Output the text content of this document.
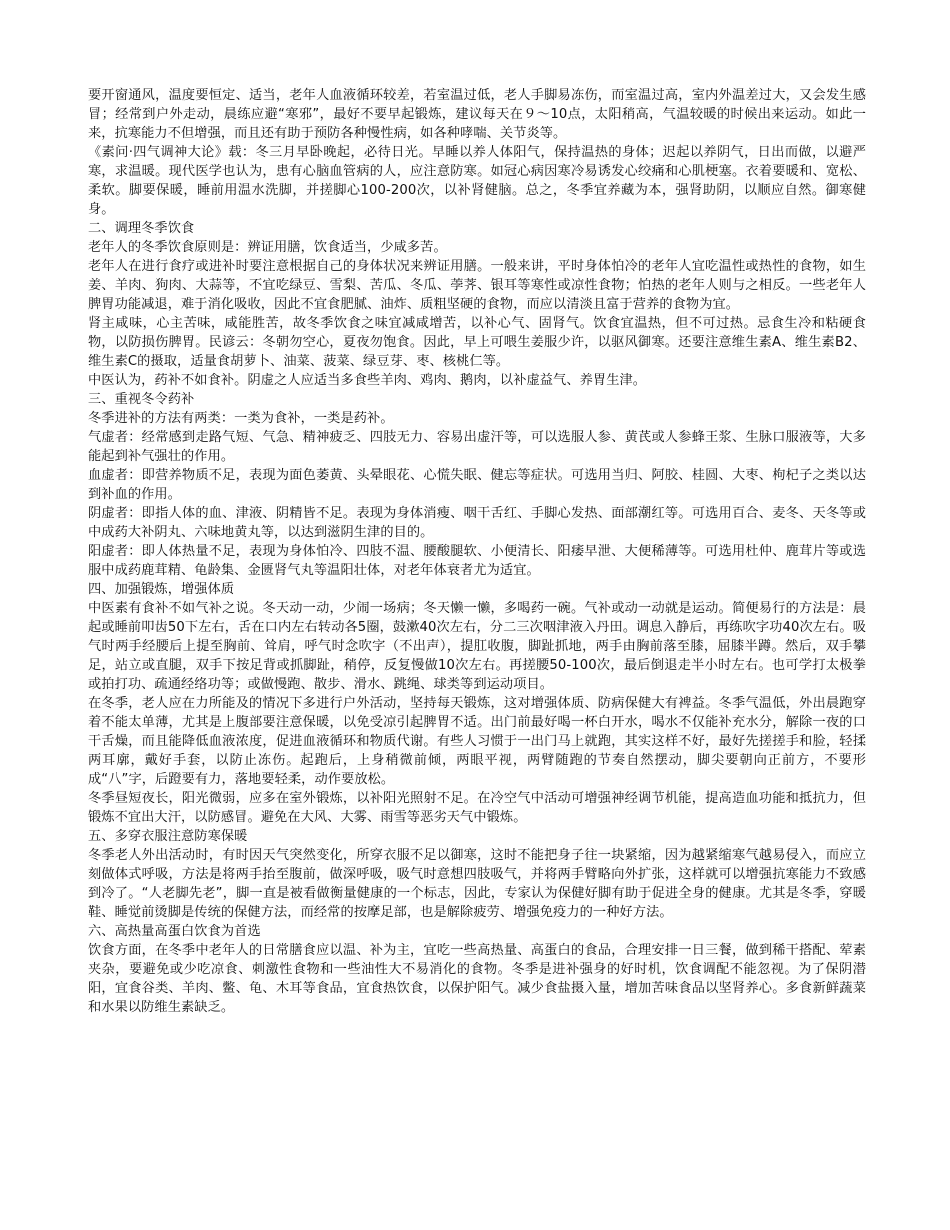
要开窗通风，温度要恒定、适当，老年人血液循环较差，若室温过低，老人手脚易冻伤，而室温过高，室内外温差过大，又会发生感冒；经常到户外走动，晨练应避“寒邪”，最好不要早起锻炼，建议每天在９～10点，太阳稍高，气温较暖的时候出来运动。如此一来，抗寒能力不但增强，而且还有助于预防各种慢性病，如各种哮喘、关节炎等。

《素问·四气调神大论》载：冬三月早卧晚起，必待日光。早睡以养人体阳气，保持温热的身体；迟起以养阴气，日出而做，以避严寒，求温暖。现代医学也认为，患有心脑血管病的人，应注意防寒。如冠心病因寒冷易诱发心绞痛和心肌梗塞。衣着要暖和、宽松、柔软。脚要保暖，睡前用温水洗脚，并搓脚心100-200次，以补肾健脑。总之，冬季宜养藏为本，强肾助阴，以顺应自然。御寒健身。

二、调理冬季饮食

老年人的冬季饮食原则是：辨证用膳，饮食适当，少咸多苦。

老年人在进行食疗或进补时要注意根据自己的身体状况来辨证用膳。一般来讲，平时身体怕冷的老年人宜吃温性或热性的食物，如生姜、羊肉、狗肉、大蒜等，不宜吃绿豆、雪梨、苦瓜、冬瓜、荸荠、银耳等寒性或凉性食物；怕热的老年人则与之相反。一些老年人脾胃功能减退，难于消化吸收，因此不宜食肥腻、油炸、质粗坚硬的食物，而应以清淡且富于营养的食物为宜。

肾主咸味，心主苦味，咸能胜苦，故冬季饮食之味宜减咸增苦，以补心气、固肾气。饮食宜温热，但不可过热。忌食生冷和粘硬食物，以防损伤脾胃。民谚云：冬朝勿空心，夏夜勿饱食。因此，早上可喂生姜服少许，以驱风御寒。还要注意维生素A、维生素B2、维生素C的摄取，适量食胡萝卜、油菜、菠菜、绿豆芽、枣、核桃仁等。

中医认为，药补不如食补。阴虚之人应适当多食些羊肉、鸡肉、鹅肉，以补虚益气、养胃生津。

三、重视冬令药补

冬季进补的方法有两类：一类为食补，一类是药补。

气虚者：经常感到走路气短、气急、精神疲乏、四肢无力、容易出虚汗等，可以选服人参、黄芪或人参蜂王浆、生脉口服液等，大多能起到补气强壮的作用。

血虚者：即营养物质不足，表现为面色萎黄、头晕眼花、心慌失眠、健忘等症状。可选用当归、阿胶、桂圆、大枣、枸杞子之类以达到补血的作用。

阴虚者：即指人体的血、津液、阴精皆不足。表现为身体消瘦、咽干舌红、手脚心发热、面部潮红等。可选用百合、麦冬、天冬等或中成药大补阴丸、六味地黄丸等，以达到滋阴生津的目的。

阳虚者：即人体热量不足，表现为身体怕冷、四肢不温、腰酸腿软、小便清长、阳痿早泄、大便稀薄等。可选用杜仲、鹿茸片等或选服中成药鹿茸精、龟龄集、金匮肾气丸等温阳壮体，对老年体衰者尤为适宜。

四、加强锻炼，增强体质

中医素有食补不如气补之说。冬天动一动，少闹一场病；冬天懒一懒，多喝药一碗。气补或动一动就是运动。简便易行的方法是：晨起或睡前叩齿50下左右，舌在口内左右转动各5圈，鼓漱40次左右，分二三次咽津液入丹田。调息入静后，再练吹字功40次左右。吸气时两手经腰后上提至胸前、耸肩，呼气时念吹字（不出声），提肛收腹，脚趾抓地，两手由胸前落至膝，屈膝半蹲。然后，双手攀足，站立或直腿，双手下按足背或抓脚趾，稍停，反复慢做10次左右。再搓腰50-100次，最后倒退走半小时左右。也可学打太极拳或拍打功、疏通经络功等；或做慢跑、散步、滑水、跳绳、球类等到运动项目。

在冬季，老人应在力所能及的情况下多进行户外活动，坚持每天锻炼，这对增强体质、防病保健大有裨益。冬季气温低，外出晨跑穿着不能太单薄，尤其是上腹部要注意保暖，以免受凉引起脾胃不适。出门前最好喝一杯白开水，喝水不仅能补充水分，解除一夜的口干舌燥，而且能降低血液浓度，促进血液循环和物质代谢。有些人习惯于一出门马上就跑，其实这样不好，最好先搓搓手和脸，轻揉两耳廓，戴好手套，以防止冻伤。起跑后，上身稍微前倾，两眼平视，两臂随跑的节奏自然摆动，脚尖要朝向正前方，不要形成“八”字，后蹬要有力，落地要轻柔，动作要放松。

冬季昼短夜长，阳光微弱，应多在室外锻炼，以补阳光照射不足。在冷空气中活动可增强神经调节机能，提高造血功能和抵抗力，但锻炼不宜出大汗，以防感冒。避免在大风、大雾、雨雪等恶劣天气中锻炼。

五、多穿衣服注意防寒保暖

冬季老人外出活动时，有时因天气突然变化，所穿衣服不足以御寒，这时不能把身子往一块紧缩，因为越紧缩寒气越易侵入，而应立刻做体式呼吸，方法是将两手抬至腹前，做深呼吸，吸气时意想四肢吸气，并将两手臂略向外扩张，这样就可以增强抗寒能力不致感到冷了。“人老脚先老”，脚一直是被看做衡量健康的一个标志，因此，专家认为保健好脚有助于促进全身的健康。尤其是冬季，穿暖鞋、睡觉前烫脚是传统的保健方法，而经常的按摩足部，也是解除疲劳、增强免疫力的一种好方法。

六、高热量高蛋白饮食为首选

饮食方面，在冬季中老年人的日常膳食应以温、补为主，宜吃一些高热量、高蛋白的食品，合理安排一日三餐，做到稀干搭配、荤素夹杂，要避免或少吃凉食、刺激性食物和一些油性大不易消化的食物。冬季是进补强身的好时机，饮食调配不能忽视。为了保阴潜阳，宜食谷类、羊肉、鳖、龟、木耳等食品，宜食热饮食，以保护阳气。减少食盐摄入量，增加苦味食品以坚肾养心。多食新鲜蔬菜和水果以防维生素缺乏。
